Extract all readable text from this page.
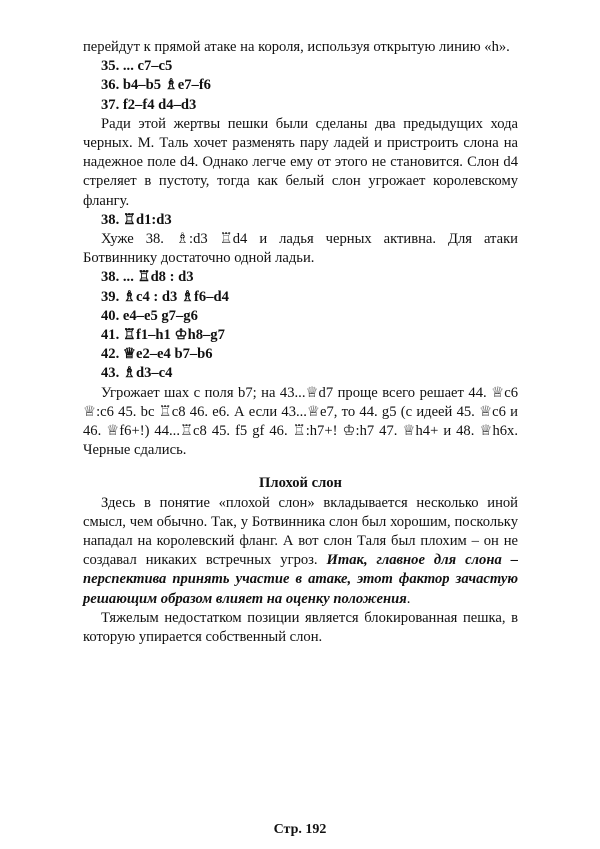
перейдут к прямой атаке на короля, используя открытую линию «h».

35. ... c7–c5

36. b4–b5 ♗e7–f6

37. f2–f4 d4–d3

Ради этой жертвы пешки были сделаны два предыдущих хода черных. М. Таль хочет разменять пару ладей и пристроить слона на надежное поле d4. Однако легче ему от этого не становится. Слон d4 стреляет в пустоту, тогда как белый слон угрожает королевскому флангу.

38. ♖d1:d3

Хуже 38. ♗:d3 ♖d4 и ладья черных активна. Для атаки Ботвиннику достаточно одной ладьи.

38. ... ♖d8 : d3

39. ♗c4 : d3 ♗f6–d4

40. e4–e5 g7–g6

41. ♖f1–h1 ♔h8–g7

42. ♕e2–e4 b7–b6

43. ♗d3–c4

Угрожает шах с поля b7; на 43...♕d7 проще всего решает 44. ♕c6 ♕:c6 45. bc ♖c8 46. e6. А если 43...♕e7, то 44. g5 (с идеей 45. ♕c6 и 46. ♕f6+!) 44...♖c8 45. f5 gf 46. ♖:h7+! ♔:h7 47. ♕h4+ и 48. ♕h6x. Черные сдались.

Плохой слон

Здесь в понятие «плохой слон» вкладывается несколько иной смысл, чем обычно. Так, у Ботвинника слон был хорошим, поскольку нападал на королевский фланг. А вот слон Таля был плохим – он не создавал никаких встречных угроз. Итак, главное для слона – перспектива принять участие в атаке, этот фактор зачастую решающим образом влияет на оценку положения.

Тяжелым недостатком позиции является блокированная пешка, в которую упирается собственный слон.

Стр. 192
